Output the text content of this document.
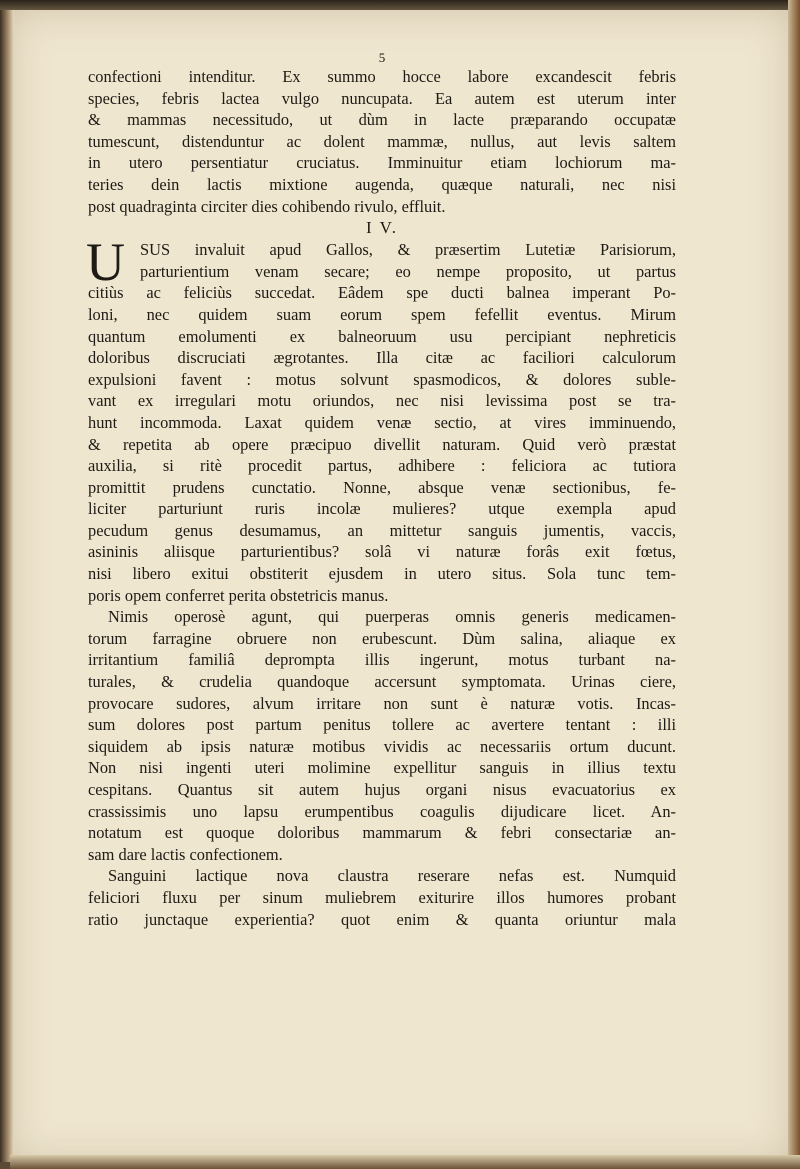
5
confectioni intenditur. Ex summo hocce labore excandescit febris
species, febris lactea vulgo nuncupata. Ea autem est uterum inter
& mammas necessitudo, ut dùm in lacte præparando occupatæ
tumescunt, distenduntur ac dolent mammæ, nullus, aut levis saltem
in utero persentiatur cruciatus. Imminuitur etiam lochiorum ma-
teries dein lactis mixtione augenda, quæque naturali, nec nisi
post quadraginta circiter dies cohibendo rivulo, effluit.
I V.
U SUS invaluit apud Gallos, & præsertim Lutetiæ Parisiorum,
parturientium venam secare; eo nempe proposito, ut partus
citiùs ac feliciùs succedat. Eâdem spe ducti balnea imperant Po-
loni, nec quidem suam eorum spem fefellit eventus. Mirum
quantum emolumenti ex balneoruum usu percipiant nephreticis
doloribus discruciati ægrotantes. Illa citæ ac faciliori calculorum
expulsioni favent : motus solvunt spasmodicos, & dolores suble-
vant ex irregulari motu oriundos, nec nisi levissima post se tra-
hunt incommoda. Laxat quidem venæ sectio, at vires imminuendo,
& repetita ab opere præcipuo divellit naturam. Quid verò præstat
auxilia, si ritè procedit partus, adhibere : feliciora ac tutiora
promittit prudens cunctatio. Nonne, absque venæ sectionibus, fe-
liciter parturiunt ruris incolæ mulieres? utque exempla apud
pecudum genus desumamus, an mittetur sanguis jumentis, vaccis,
asininis aliisque parturientibus? solâ vi naturæ forâs exit fœtus,
nisi libero exitui obstiterit ejusdem in utero situs. Sola tunc tem-
poris opem conferret perita obstetricis manus.
Nimis operosè agunt, qui puerperas omnis generis medicamen-
torum farragine obruere non erubescunt. Dùm salina, aliaque ex
irritantium familiâ deprompta illis ingerunt, motus turbant na-
turales, & crudelia quandoque accersunt symptomata. Urinas ciere,
provocare sudores, alvum irritare non sunt è naturæ votis. Incas-
sum dolores post partum penitus tollere ac avertere tentant : illi
siquidem ab ipsis naturæ motibus vividis ac necessariis ortum ducunt.
Non nisi ingenti uteri molimine expellitur sanguis in illius textu
cespitans. Quantus sit autem hujus organi nisus evacuatorius ex
crassissimis uno lapsu erumpentibus coagulis dijudicare licet. An-
notatum est quoque doloribus mammarum & febri consectariæ an-
sam dare lactis confectionem.
Sanguini lactique nova claustra reserare nefas est. Numquid
feliciori fluxu per sinum muliebrem exiturire illos humores probant
ratio junctaque experientia? quot enim & quanta oriuntur mala
